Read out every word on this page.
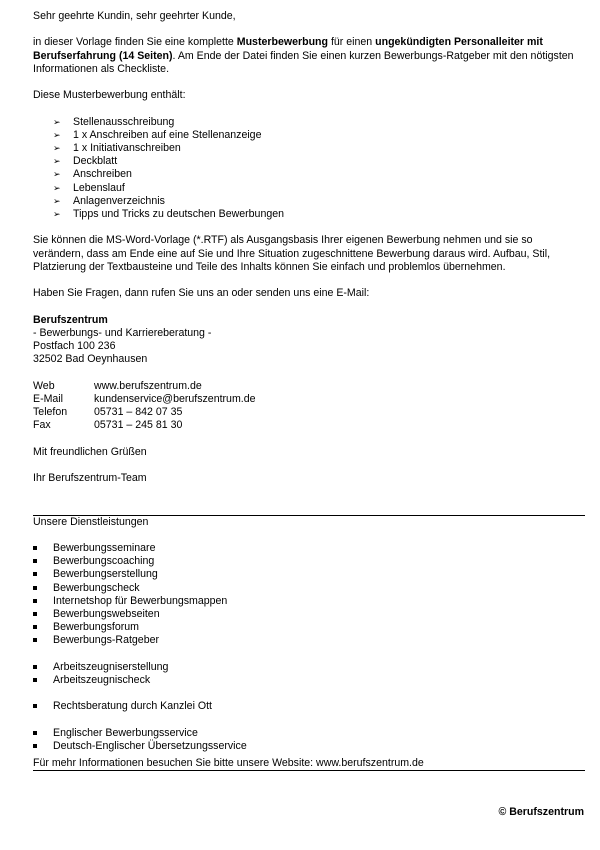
Sehr geehrte Kundin, sehr geehrter Kunde,

in dieser Vorlage finden Sie eine komplette Musterbewerbung für einen ungekündigten Personalleiter mit Berufserfahrung (14 Seiten). Am Ende der Datei finden Sie einen kurzen Bewerbungs-Ratgeber mit den nötigsten Informationen als Checkliste.

Diese Musterbewerbung enthält:

➢ Stellenausschreibung
➢ 1 x Anschreiben auf eine Stellenanzeige
➢ 1 x Initiativanschreiben
➢ Deckblatt
➢ Anschreiben
➢ Lebenslauf
➢ Anlagenverzeichnis
➢ Tipps und Tricks zu deutschen Bewerbungen

Sie können die MS-Word-Vorlage (*.RTF) als Ausgangsbasis Ihrer eigenen Bewerbung nehmen und sie so verändern, dass am Ende eine auf Sie und Ihre Situation zugeschnittene Bewerbung daraus wird. Aufbau, Stil, Platzierung der Textbausteine und Teile des Inhalts können Sie einfach und problemlos übernehmen.

Haben Sie Fragen, dann rufen Sie uns an oder senden uns eine E-Mail:

Berufszentrum

- Bewerbungs- und Karriereberatung -

Postfach 100 236

32502 Bad Oeynhausen

Web	www.berufszentrum.de
E-Mail	kundenservice@berufszentrum.de
Telefon	05731 – 842 07 35
Fax	05731 – 245 81 30

Mit freundlichen Grüßen

Ihr Berufszentrum-Team

Unsere Dienstleistungen

Bewerbungsseminare
Bewerbungscoaching
Bewerbungserstellung
Bewerbungscheck
Internetshop für Bewerbungsmappen
Bewerbungswebseiten
Bewerbungsforum
Bewerbungs-Ratgeber
Arbeitszeugniserstellung
Arbeitszeugnischeck
Rechtsberatung durch Kanzlei Ott
Englischer Bewerbungsservice
Deutsch-Englischer Übersetzungsservice

Für mehr Informationen besuchen Sie bitte unsere Website: www.berufszentrum.de

© Berufszentrum
